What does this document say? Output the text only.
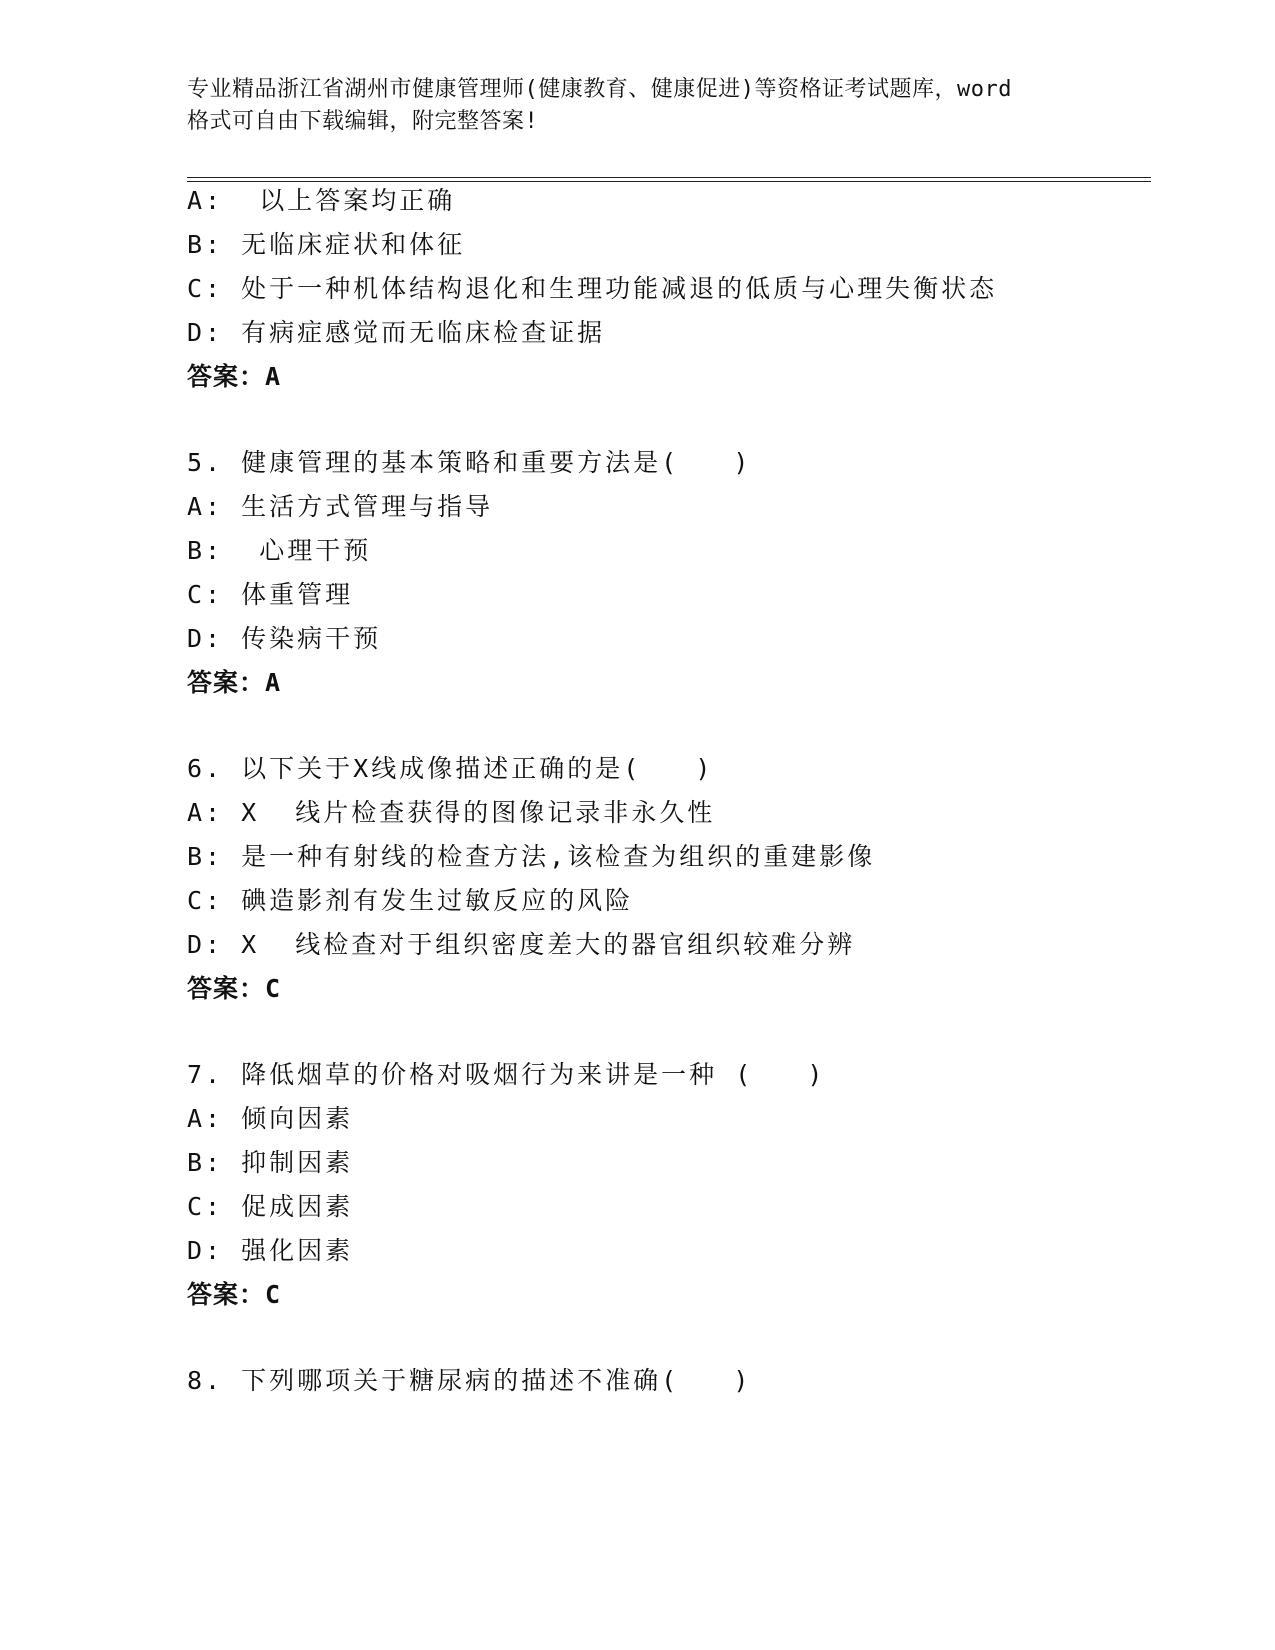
专业精品浙江省湖州市健康管理师(健康教育、健康促进)等资格证考试题库，word
格式可自由下载编辑，附完整答案!
A:  以上答案均正确
B: 无临床症状和体征
C: 处于一种机体结构退化和生理功能减退的低质与心理失衡状态
D: 有病症感觉而无临床检查证据
答案：A
5. 健康管理的基本策略和重要方法是(   )
A: 生活方式管理与指导
B:  心理干预
C: 体重管理
D: 传染病干预
答案：A
6. 以下关于X线成像描述正确的是(   )
A: X  线片检查获得的图像记录非永久性
B: 是一种有射线的检查方法,该检查为组织的重建影像
C: 碘造影剂有发生过敏反应的风险
D: X  线检查对于组织密度差大的器官组织较难分辨
答案：C
7. 降低烟草的价格对吸烟行为来讲是一种 (   )
A: 倾向因素
B: 抑制因素
C: 促成因素
D: 强化因素
答案：C
8. 下列哪项关于糖尿病的描述不准确(   )
